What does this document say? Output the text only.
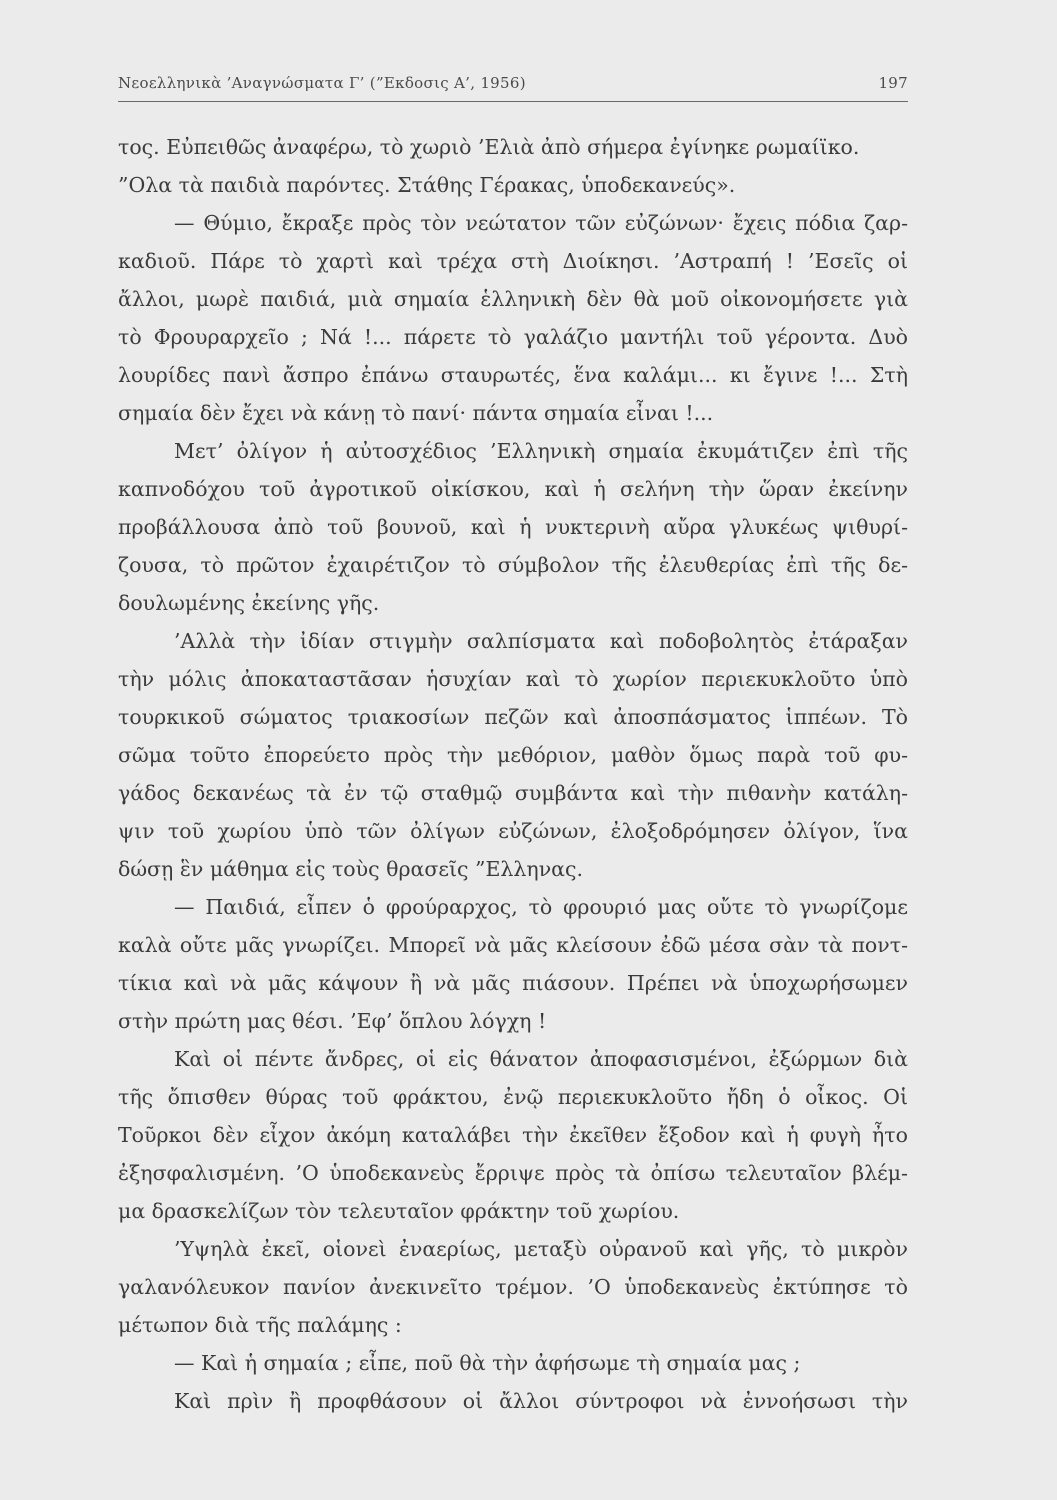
Νεοελληνικὰ ’Αναγνώσματα Γ’ (”Εκδοσις Α’, 1956)	197
τος. Εὐπειθῶς ἀναφέρω, τὸ χωριὸ ’Ελιὰ ἀπὸ σήμερα ἐγίνηκε ρωμαίϊκο.
”Ολα τὰ παιδιὰ παρόντες. Στάθης Γέρακας, ὑποδεκανεύς».
— Θύμιο, ἔκραξε πρὸς τὸν νεώτατον τῶν εὐζώνων· ἔχεις πόδια ζαρ-
καδιοῦ. Πάρε τὸ χαρτὶ καὶ τρέχα στὴ Διοίκησι. ’Αστραπή ! ’Εσεῖς οἱ
ἄλλοι, μωρὲ παιδιά, μιὰ σημαία ἑλληνικὴ δὲν θὰ μοῦ οἰκονομήσετε γιὰ
τὸ Φρουραρχεῖο ; Νά !... πάρετε τὸ γαλάζιο μαντήλι τοῦ γέροντα. Δυὸ
λουρίδες πανὶ ἄσπρο ἐπάνω σταυρωτές, ἕνα καλάμι... κι ἔγινε !... Στὴ
σημαία δὲν ἔχει νὰ κάνῃ τὸ πανί· πάντα σημαία εἶναι !...
Μετ’ ὀλίγον ἡ αὐτοσχέδιος ’Ελληνικὴ σημαία ἐκυμάτιζεν ἐπὶ τῆς
καπνοδόχου τοῦ ἀγροτικοῦ οἰκίσκου, καὶ ἡ σελήνη τὴν ὥραν ἐκείνην
προβάλλουσα ἀπὸ τοῦ βουνοῦ, καὶ ἡ νυκτερινὴ αὔρα γλυκέως ψιθυρί-
ζουσα, τὸ πρῶτον ἐχαιρέτιζον τὸ σύμβολον τῆς ἐλευθερίας ἐπὶ τῆς δε-
δουλωμένης ἐκείνης γῆς.
’Αλλὰ τὴν ἰδίαν στιγμὴν σαλπίσματα καὶ ποδοβολητὸς ἐτάραξαν
τὴν μόλις ἀποκαταστᾶσαν ἡσυχίαν καὶ τὸ χωρίον περιεκυκλοῦτο ὑπὸ
τουρκικοῦ σώματος τριακοσίων πεζῶν καὶ ἀποσπάσματος ἱππέων. Τὸ
σῶμα τοῦτο ἐπορεύετο πρὸς τὴν μεθόριον, μαθὸν ὅμως παρὰ τοῦ φυ-
γάδος δεκανέως τὰ ἐν τῷ σταθμῷ συμβάντα καὶ τὴν πιθανὴν κατάλη-
ψιν τοῦ χωρίου ὑπὸ τῶν ὀλίγων εὐζώνων, ἐλοξοδρόμησεν ὀλίγον, ἵνα
δώσῃ ἓν μάθημα εἰς τοὺς θρασεῖς ”Ελληνας.
— Παιδιά, εἶπεν ὁ φρούραρχος, τὸ φρουριό μας οὔτε τὸ γνωρίζομε
καλὰ οὔτε μᾶς γνωρίζει. Μπορεῖ νὰ μᾶς κλείσουν ἐδῶ μέσα σὰν τὰ ποντ-
τίκια καὶ νὰ μᾶς κάψουν ἢ νὰ μᾶς πιάσουν. Πρέπει νὰ ὑποχωρήσωμεν
στὴν πρώτη μας θέσι. ’Εφ’ ὅπλου λόγχη !
Καὶ οἱ πέντε ἄνδρες, οἱ εἰς θάνατον ἀποφασισμένοι, ἐξώρμων διὰ
τῆς ὄπισθεν θύρας τοῦ φράκτου, ἐνῷ περιεκυκλοῦτο ἤδη ὁ οἶκος. Οἱ
Τοῦρκοι δὲν εἶχον ἀκόμη καταλάβει τὴν ἐκεῖθεν ἔξοδον καὶ ἡ φυγὴ ἦτο
ἐξησφαλισμένη. ’Ο ὑποδεκανεὺς ἔρριψε πρὸς τὰ ὀπίσω τελευταῖον βλέμ-
μα δρασκελίζων τὸν τελευταῖον φράκτην τοῦ χωρίου.
’Υψηλὰ ἐκεῖ, οἱονεὶ ἐναερίως, μεταξὺ οὐρανοῦ καὶ γῆς, τὸ μικρὸν
γαλανόλευκον πανίον ἀνεκινεῖτο τρέμον. ’Ο ὑποδεκανεὺς ἐκτύπησε τὸ
μέτωπον διὰ τῆς παλάμης :
— Καὶ ἡ σημαία ; εἶπε, ποῦ θὰ τὴν ἀφήσωμε τὴ σημαία μας ;
Καὶ πρὶν ἢ προφθάσουν οἱ ἄλλοι σύντροφοι νὰ ἐννοήσωσι τὴν
